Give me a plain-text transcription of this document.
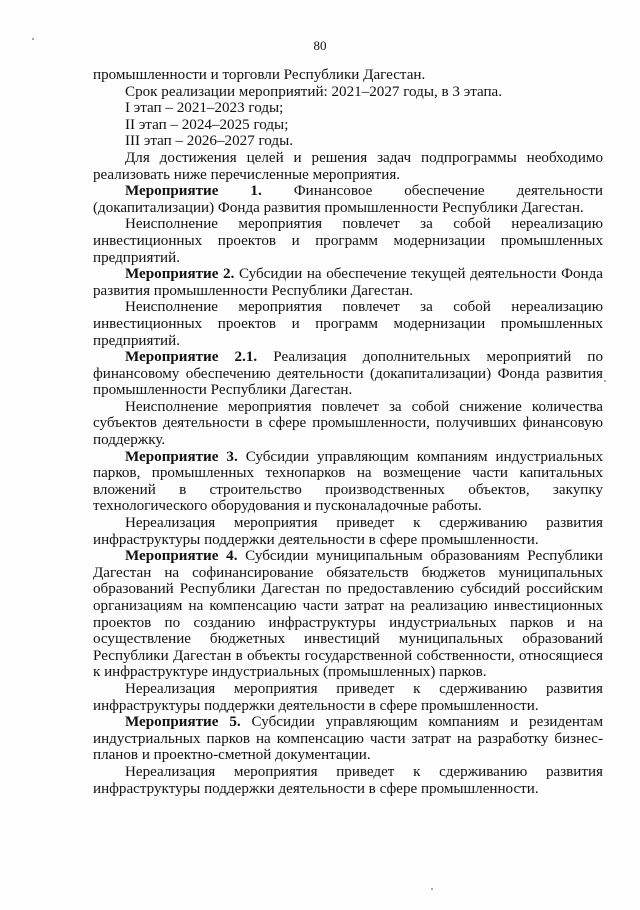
80

промышленности и торговли Республики Дагестан.

Срок реализации мероприятий: 2021–2027 годы, в 3 этапа.

I этап – 2021–2023 годы;

II этап – 2024–2025 годы;

III этап – 2026–2027 годы.

Для достижения целей и решения задач подпрограммы необходимо реализовать ниже перечисленные мероприятия.

Мероприятие 1. Финансовое обеспечение деятельности (докапитализации) Фонда развития промышленности Республики Дагестан.

Неисполнение мероприятия повлечет за собой нереализацию инвестиционных проектов и программ модернизации промышленных предприятий.

Мероприятие 2. Субсидии на обеспечение текущей деятельности Фонда развития промышленности Республики Дагестан.

Неисполнение мероприятия повлечет за собой нереализацию инвестиционных проектов и программ модернизации промышленных предприятий.

Мероприятие 2.1. Реализация дополнительных мероприятий по финансовому обеспечению деятельности (докапитализации) Фонда развития промышленности Республики Дагестан.

Неисполнение мероприятия повлечет за собой снижение количества субъектов деятельности в сфере промышленности, получивших финансовую поддержку.

Мероприятие 3. Субсидии управляющим компаниям индустриальных парков, промышленных технопарков на возмещение части капитальных вложений в строительство производственных объектов, закупку технологического оборудования и пусконаладочные работы.

Нереализация мероприятия приведет к сдерживанию развития инфраструктуры поддержки деятельности в сфере промышленности.

Мероприятие 4. Субсидии муниципальным образованиям Республики Дагестан на софинансирование обязательств бюджетов муниципальных образований Республики Дагестан по предоставлению субсидий российским организациям на компенсацию части затрат на реализацию инвестиционных проектов по созданию инфраструктуры индустриальных парков и на осуществление бюджетных инвестиций муниципальных образований Республики Дагестан в объекты государственной собственности, относящиеся к инфраструктуре индустриальных (промышленных) парков.

Нереализация мероприятия приведет к сдерживанию развития инфраструктуры поддержки деятельности в сфере промышленности.

Мероприятие 5. Субсидии управляющим компаниям и резидентам индустриальных парков на компенсацию части затрат на разработку бизнес-планов и проектно-сметной документации.

Нереализация мероприятия приведет к сдерживанию развития инфраструктуры поддержки деятельности в сфере промышленности.
